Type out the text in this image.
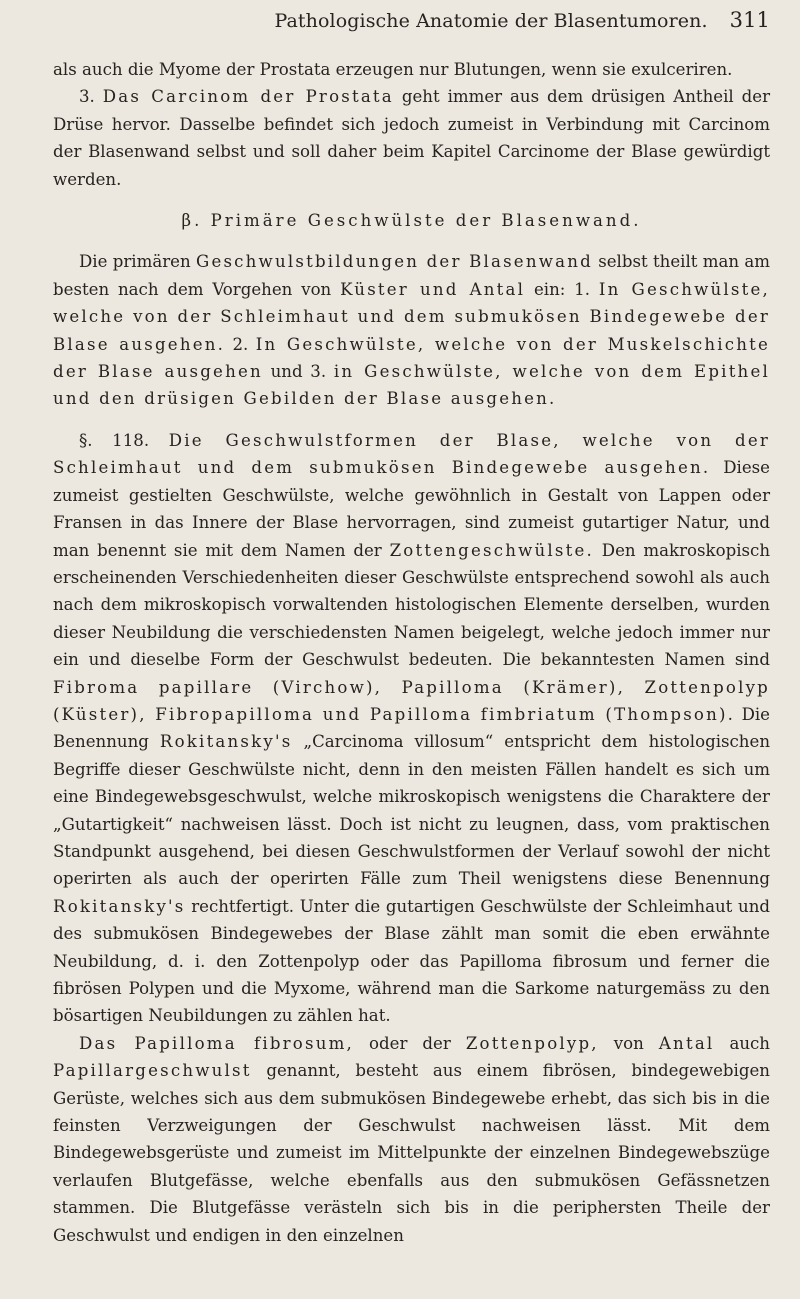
Pathologische Anatomie der Blasentumoren. 311

als auch die Myome der Prostata erzeugen nur Blutungen, wenn sie exulceriren.

3. Das Carcinom der Prostata geht immer aus dem drüsigen Antheil der Drüse hervor. Dasselbe befindet sich jedoch zumeist in Verbindung mit Carcinom der Blasenwand selbst und soll daher beim Kapitel Carcinome der Blase gewürdigt werden.

β. Primäre Geschwülste der Blasenwand.

Die primären Geschwulstbildungen der Blasenwand selbst theilt man am besten nach dem Vorgehen von Küster und Antal ein: 1. In Geschwülste, welche von der Schleimhaut und dem submukösen Bindegewebe der Blase ausgehen. 2. In Geschwülste, welche von der Muskelschichte der Blase ausgehen und 3. in Geschwülste, welche von dem Epithel und den drüsigen Gebilden der Blase ausgehen.

§. 118. Die Geschwulstformen der Blase, welche von der Schleimhaut und dem submukösen Bindegewebe ausgehen. Diese zumeist gestielten Geschwülste, welche gewöhnlich in Gestalt von Lappen oder Fransen in das Innere der Blase hervorragen, sind zumeist gutartiger Natur, und man benennt sie mit dem Namen der Zottengeschwülste. Den makroskopisch erscheinenden Verschiedenheiten dieser Geschwülste entsprechend sowohl als auch nach dem mikroskopisch vorwaltenden histologischen Elemente derselben, wurden dieser Neubildung die verschiedensten Namen beigelegt, welche jedoch immer nur ein und dieselbe Form der Geschwulst bedeuten. Die bekanntesten Namen sind Fibroma papillare (Virchow), Papilloma (Krämer), Zottenpolyp (Küster), Fibropapilloma und Papilloma fimbriatum (Thompson). Die Benennung Rokitansky's „Carcinoma villosum“ entspricht dem histologischen Begriffe dieser Geschwülste nicht, denn in den meisten Fällen handelt es sich um eine Bindegewebsgeschwulst, welche mikroskopisch wenigstens die Charaktere der „Gutartigkeit“ nachweisen lässt. Doch ist nicht zu leugnen, dass, vom praktischen Standpunkt ausgehend, bei diesen Geschwulstformen der Verlauf sowohl der nicht operirten als auch der operirten Fälle zum Theil wenigstens diese Benennung Rokitansky's rechtfertigt. Unter die gutartigen Geschwülste der Schleimhaut und des submukösen Bindegewebes der Blase zählt man somit die eben erwähnte Neubildung, d. i. den Zottenpolyp oder das Papilloma fibrosum und ferner die fibrösen Polypen und die Myxome, während man die Sarkome naturgemäss zu den bösartigen Neubildungen zu zählen hat.

Das Papilloma fibrosum, oder der Zottenpolyp, von Antal auch Papillargeschwulst genannt, besteht aus einem fibrösen, bindegewebigen Gerüste, welches sich aus dem submukösen Bindegewebe erhebt, das sich bis in die feinsten Verzweigungen der Geschwulst nachweisen lässt. Mit dem Bindegewebsgerüste und zumeist im Mittelpunkte der einzelnen Bindegewebszüge verlaufen Blutgefässe, welche ebenfalls aus den submukösen Gefässnetzen stammen. Die Blutgefässe verästeln sich bis in die periphersten Theile der Geschwulst und endigen in den einzelnen
